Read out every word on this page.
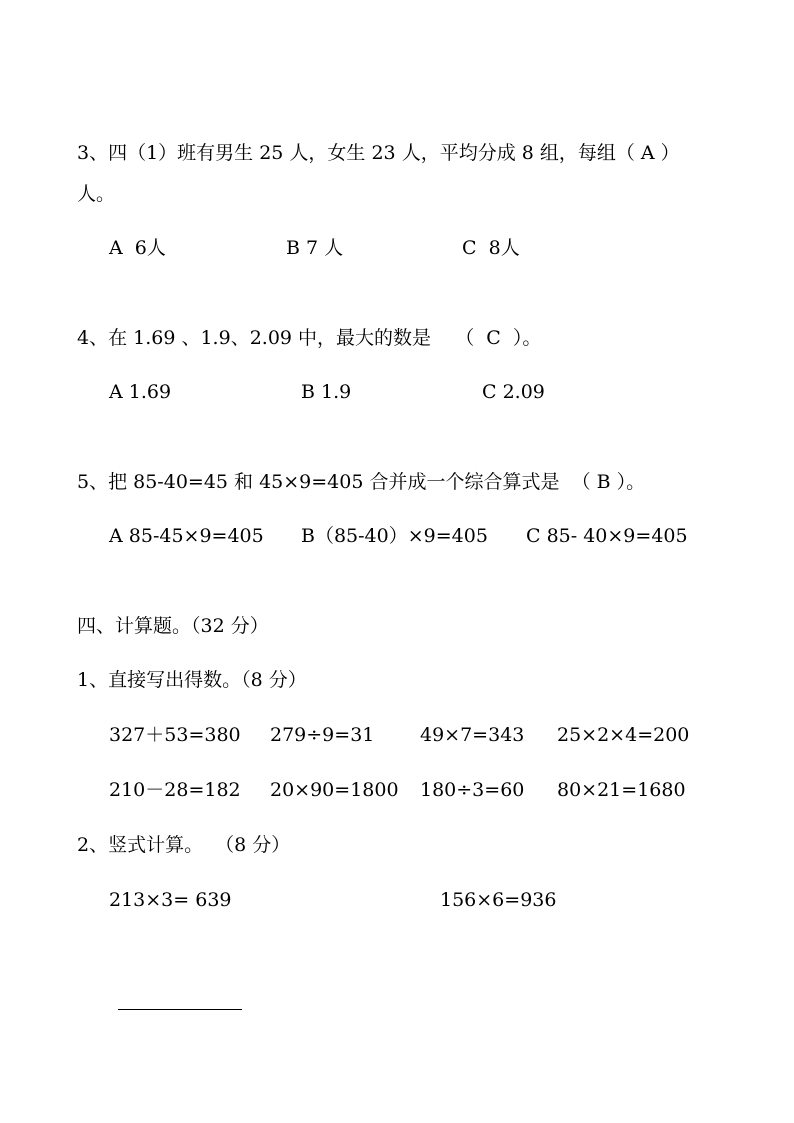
3、四（1）班有男生 25 人，女生 23 人，平均分成 8 组，每组（ A ）
人。
A  6人	B 7 人	C  8人
4、在 1.69 、1.9、2.09 中，最大的数是    （  C  ）。
A 1.69	B 1.9	C 2.09
5、把 85-40=45 和 45×9=405 合并成一个综合算式是  （ B ）。
A 85-45×9=405 B（85-40）×9=405 C 85- 40×9=405
四、计算题。（32 分）
1、直接写出得数。（8 分）
327＋53=380 279÷9=31 49×7=343 25×2×4=200
210－28=182 20×90=1800 180÷3=60 80×21=1680
2、竖式计算。  （8 分）
213×3= 639	156×6=936
